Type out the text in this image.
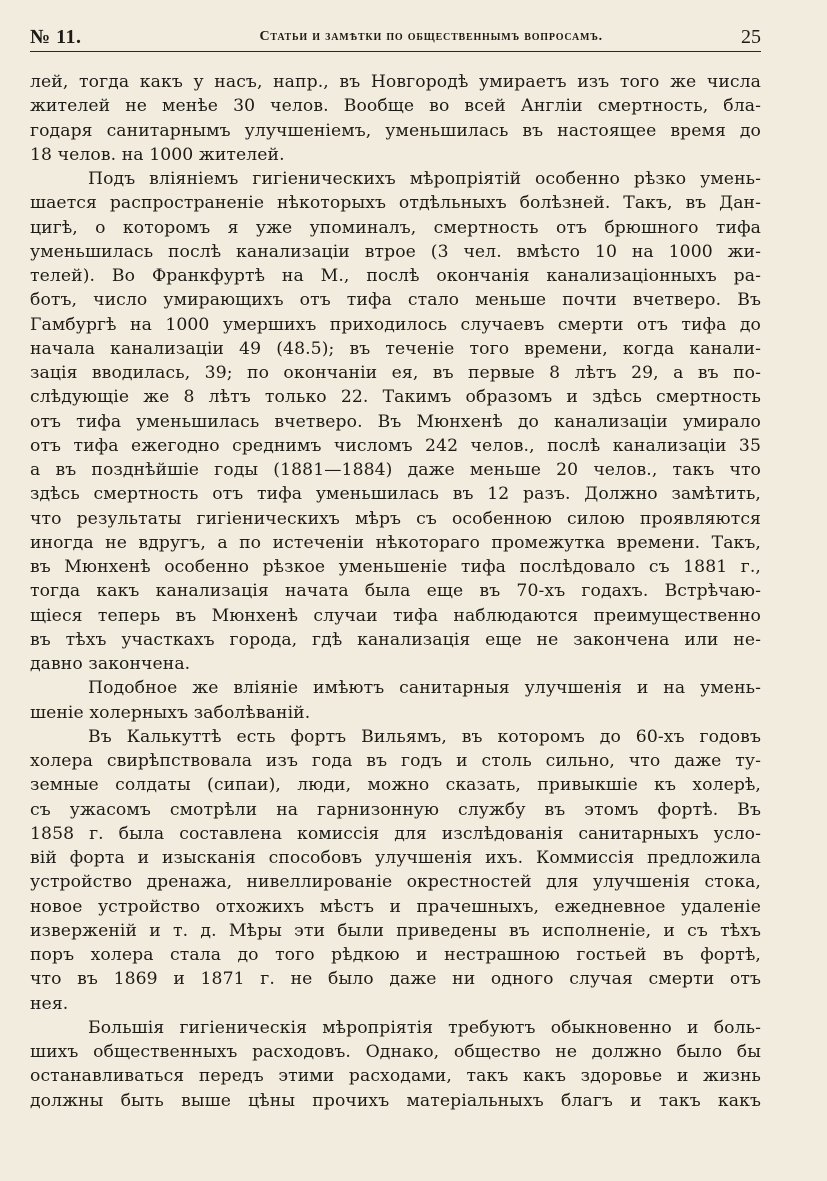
№ 11.	Статьи и замѣтки по общественнымъ вопросамъ.	25
лей, тогда какъ у насъ, напр., въ Новгородѣ умираетъ изъ того же числа
жителей не менѣе 30 челов. Вообще во всей Англіи смертность, бла-
годаря санитарнымъ улучшеніемъ, уменьшилась въ настоящее время до
18 челов. на 1000 жителей.
Подъ вліяніемъ гигіеническихъ мѣропріятій особенно рѣзко умень-
шается распространеніе нѣкоторыхъ отдѣльныхъ болѣзней. Такъ, въ Дан-
цигѣ, о которомъ я уже упоминалъ, смертность отъ брюшного тифа
уменьшилась послѣ канализаціи втрое (3 чел. вмѣсто 10 на 1000 жи-
телей). Во Франкфуртѣ на М., послѣ окончанія канализаціонныхъ ра-
ботъ, число умирающихъ отъ тифа стало меньше почти вчетверо. Въ
Гамбургѣ на 1000 умершихъ приходилось случаевъ смерти отъ тифа до
начала канализаціи 49 (48.5); въ теченіе того времени, когда канали-
зація вводилась, 39; по окончаніи ея, въ первые 8 лѣтъ 29, а въ по-
слѣдующіе же 8 лѣтъ только 22. Такимъ образомъ и здѣсь смертность
отъ тифа уменьшилась вчетверо. Въ Мюнхенѣ до канализаціи умирало
отъ тифа ежегодно среднимъ числомъ 242 челов., послѣ канализаціи 35
а въ позднѣйшіе годы (1881—1884) даже меньше 20 челов., такъ что
здѣсь смертность отъ тифа уменьшилась въ 12 разъ. Должно замѣтить,
что результаты гигіеническихъ мѣръ съ особенною силою проявляются
иногда не вдругъ, а по истеченіи нѣкотораго промежутка времени. Такъ,
въ Мюнхенѣ особенно рѣзкое уменьшеніе тифа послѣдовало съ 1881 г.,
тогда какъ канализація начата была еще въ 70-хъ годахъ. Встрѣчаю-
щіеся теперь въ Мюнхенѣ случаи тифа наблюдаются преимущественно
въ тѣхъ участкахъ города, гдѣ канализація еще не закончена или не-
давно закончена.
Подобное же вліяніе имѣютъ санитарныя улучшенія и на умень-
шеніе холерныхъ заболѣваній.
Въ Калькуттѣ есть фортъ Вильямъ, въ которомъ до 60-хъ годовъ
холера свирѣпствовала изъ года въ годъ и столь сильно, что даже ту-
земные солдаты (сипаи), люди, можно сказать, привыкшіе къ холерѣ,
съ ужасомъ смотрѣли на гарнизонную службу въ этомъ фортѣ. Въ
1858 г. была составлена комиссія для изслѣдованія санитарныхъ усло-
вій форта и изысканія способовъ улучшенія ихъ. Коммиссія предложила
устройство дренажа, нивеллированіе окрестностей для улучшенія стока,
новое устройство отхожихъ мѣстъ и прачешныхъ, ежедневное удаленіе
изверженій и т. д. Мѣры эти были приведены въ исполненіе, и съ тѣхъ
поръ холера стала до того рѣдкою и нестрашною гостьей въ фортѣ,
что въ 1869 и 1871 г. не было даже ни одного случая смерти отъ
нея.
Большія гигіеническія мѣропріятія требуютъ обыкновенно и боль-
шихъ общественныхъ расходовъ. Однако, общество не должно было бы
останавливаться передъ этими расходами, такъ какъ здоровье и жизнь
должны быть выше цѣны прочихъ матеріальныхъ благъ и такъ какъ
